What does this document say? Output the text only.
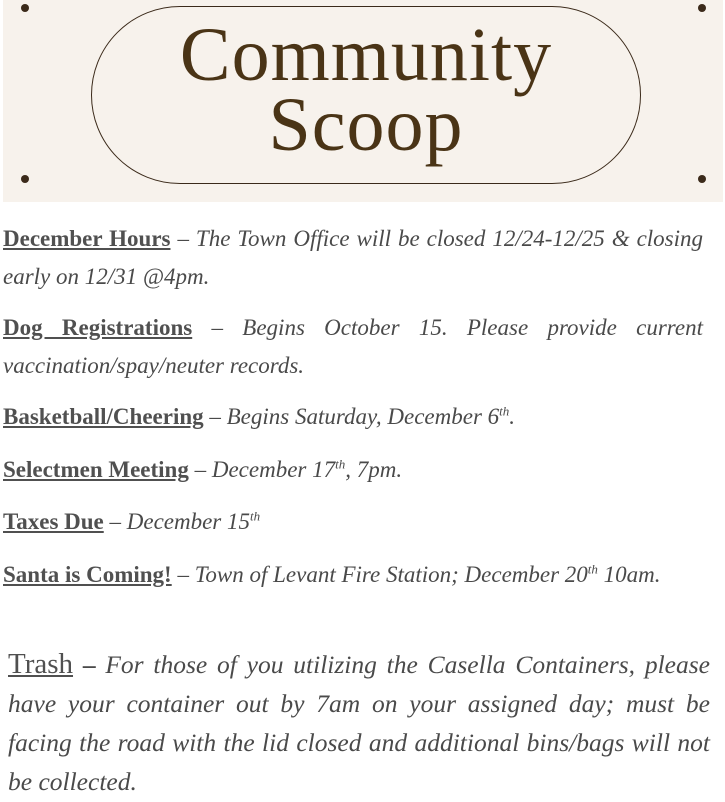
Community
Scoop

December Hours – The Town Office will be closed 12/24-12/25 & closing early on 12/31 @4pm.

Dog Registrations – Begins October 15. Please provide current vaccination/spay/neuter records.

Basketball/Cheering – Begins Saturday, December 6th.

Selectmen Meeting – December 17th, 7pm.

Taxes Due – December 15th

Santa is Coming! – Town of Levant Fire Station; December 20th 10am.

Trash – For those of you utilizing the Casella Containers, please have your container out by 7am on your assigned day; must be facing the road with the lid closed and additional bins/bags will not be collected.
